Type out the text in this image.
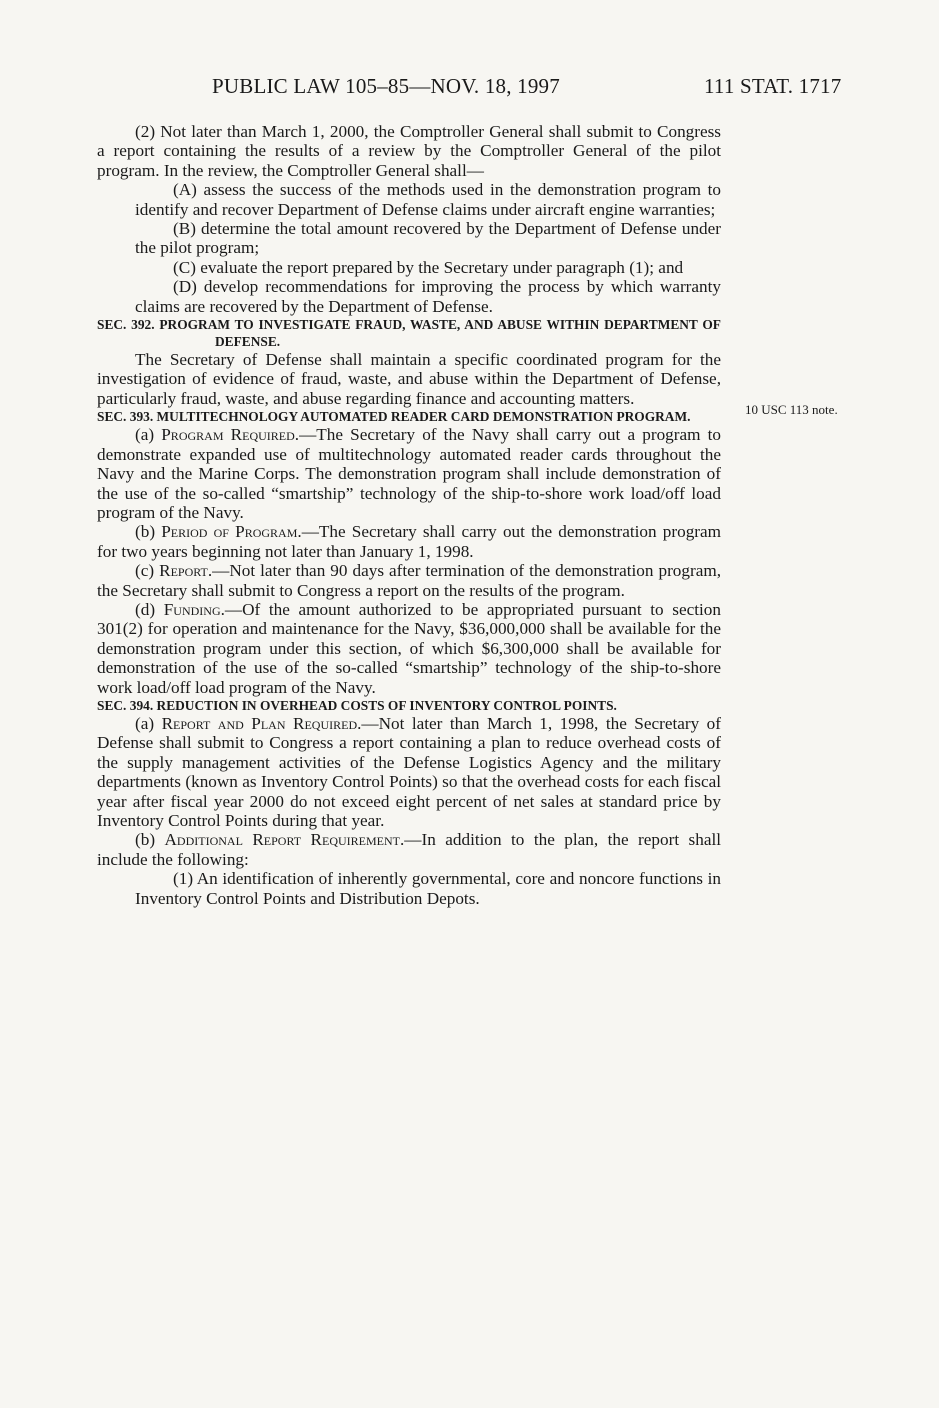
PUBLIC LAW 105–85—NOV. 18, 1997	111 STAT. 1717
10 USC 113 note.

(2) Not later than March 1, 2000, the Comptroller General shall submit to Congress a report containing the results of a review by the Comptroller General of the pilot program. In the review, the Comptroller General shall—

(A) assess the success of the methods used in the demonstration program to identify and recover Department of Defense claims under aircraft engine warranties;

(B) determine the total amount recovered by the Department of Defense under the pilot program;

(C) evaluate the report prepared by the Secretary under paragraph (1); and

(D) develop recommendations for improving the process by which warranty claims are recovered by the Department of Defense.

SEC. 392. PROGRAM TO INVESTIGATE FRAUD, WASTE, AND ABUSE WITHIN DEPARTMENT OF DEFENSE.

The Secretary of Defense shall maintain a specific coordinated program for the investigation of evidence of fraud, waste, and abuse within the Department of Defense, particularly fraud, waste, and abuse regarding finance and accounting matters.

SEC. 393. MULTITECHNOLOGY AUTOMATED READER CARD DEMONSTRATION PROGRAM.

(a) Program Required.—The Secretary of the Navy shall carry out a program to demonstrate expanded use of multitechnology automated reader cards throughout the Navy and the Marine Corps. The demonstration program shall include demonstration of the use of the so-called “smartship” technology of the ship-to-shore work load/off load program of the Navy.

(b) Period of Program.—The Secretary shall carry out the demonstration program for two years beginning not later than January 1, 1998.

(c) Report.—Not later than 90 days after termination of the demonstration program, the Secretary shall submit to Congress a report on the results of the program.

(d) Funding.—Of the amount authorized to be appropriated pursuant to section 301(2) for operation and maintenance for the Navy, $36,000,000 shall be available for the demonstration program under this section, of which $6,300,000 shall be available for demonstration of the use of the so-called “smartship” technology of the ship-to-shore work load/off load program of the Navy.

SEC. 394. REDUCTION IN OVERHEAD COSTS OF INVENTORY CONTROL POINTS.

(a) Report and Plan Required.—Not later than March 1, 1998, the Secretary of Defense shall submit to Congress a report containing a plan to reduce overhead costs of the supply management activities of the Defense Logistics Agency and the military departments (known as Inventory Control Points) so that the overhead costs for each fiscal year after fiscal year 2000 do not exceed eight percent of net sales at standard price by Inventory Control Points during that year.

(b) Additional Report Requirement.—In addition to the plan, the report shall include the following:

(1) An identification of inherently governmental, core and noncore functions in Inventory Control Points and Distribution Depots.
